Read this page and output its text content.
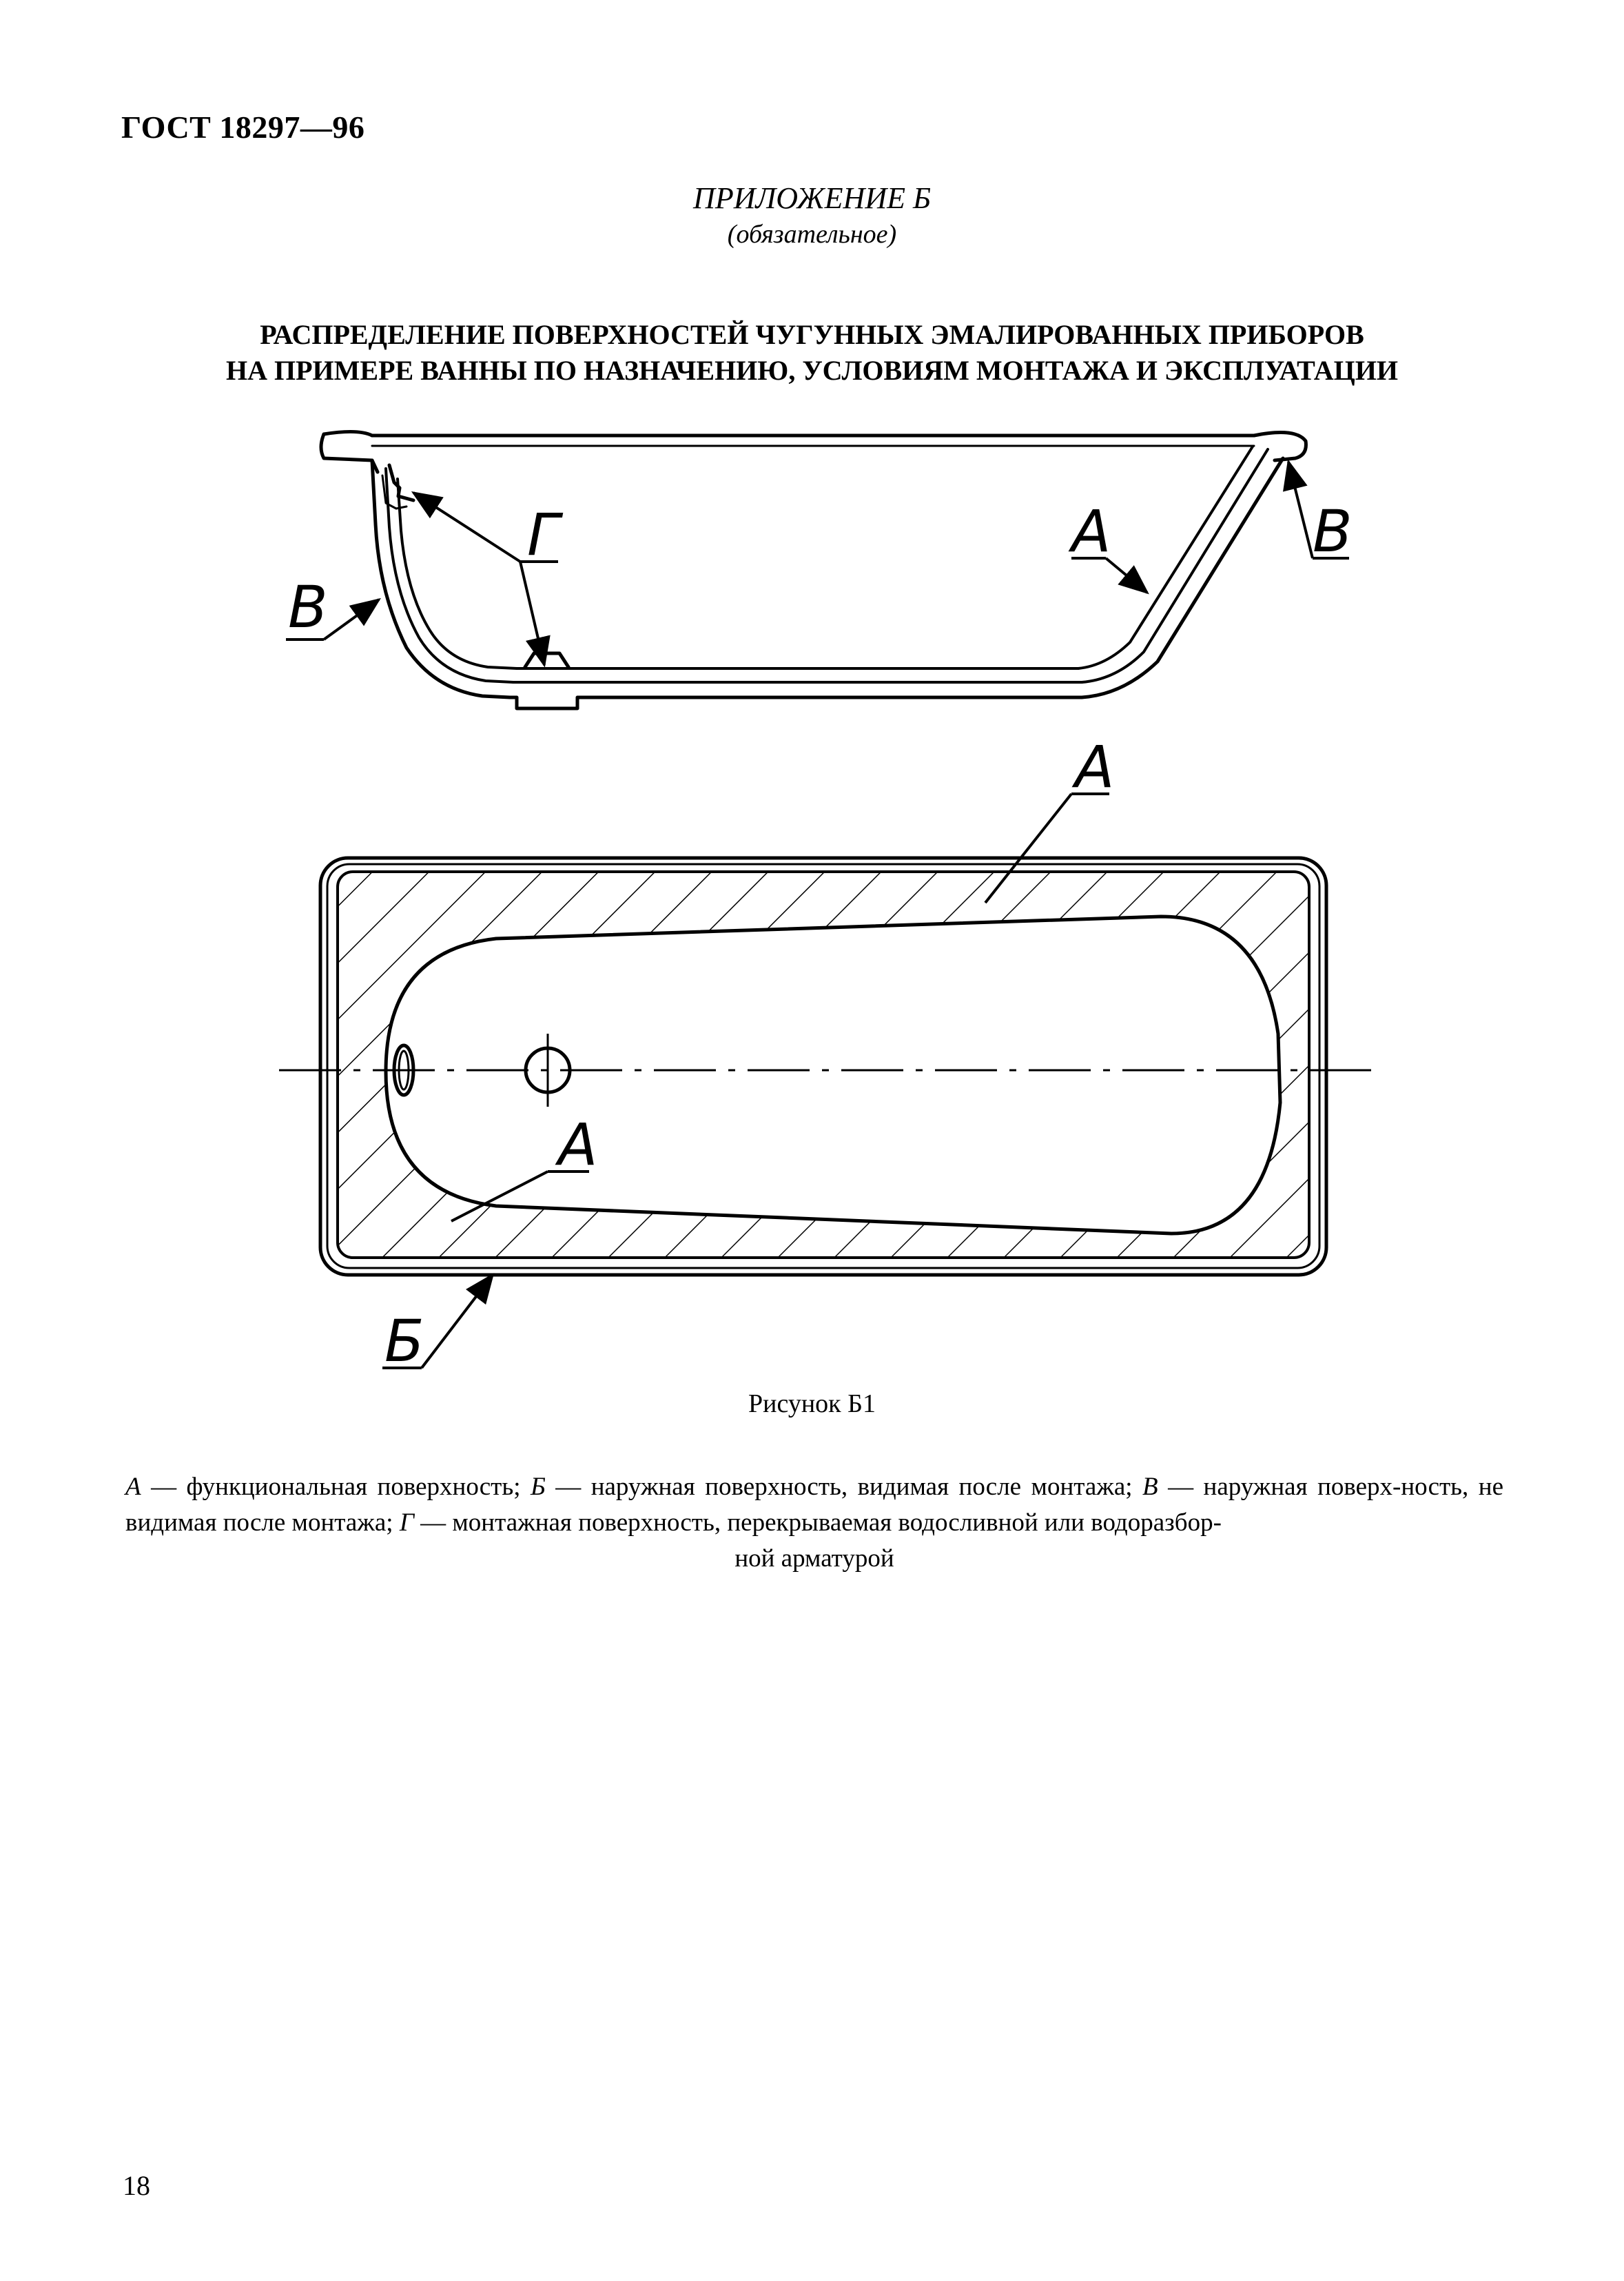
ГОСТ 18297—96
ПРИЛОЖЕНИЕ Б
(обязательное)
РАСПРЕДЕЛЕНИЕ ПОВЕРХНОСТЕЙ ЧУГУННЫХ ЭМАЛИРОВАННЫХ ПРИБОРОВ
НА ПРИМЕРЕ ВАННЫ ПО НАЗНАЧЕНИЮ, УСЛОВИЯМ МОНТАЖА И ЭКСПЛУАТАЦИИ
Г
В
А	В
А
А
Б
Рисунок Б1
А — функциональная поверхность; Б — наружная поверхность, видимая после монтажа; В — наружная поверх-ность, не видимая после монтажа; Г — монтажная поверхность, перекрываемая водосливной или водоразбор-
ной арматурой
18
